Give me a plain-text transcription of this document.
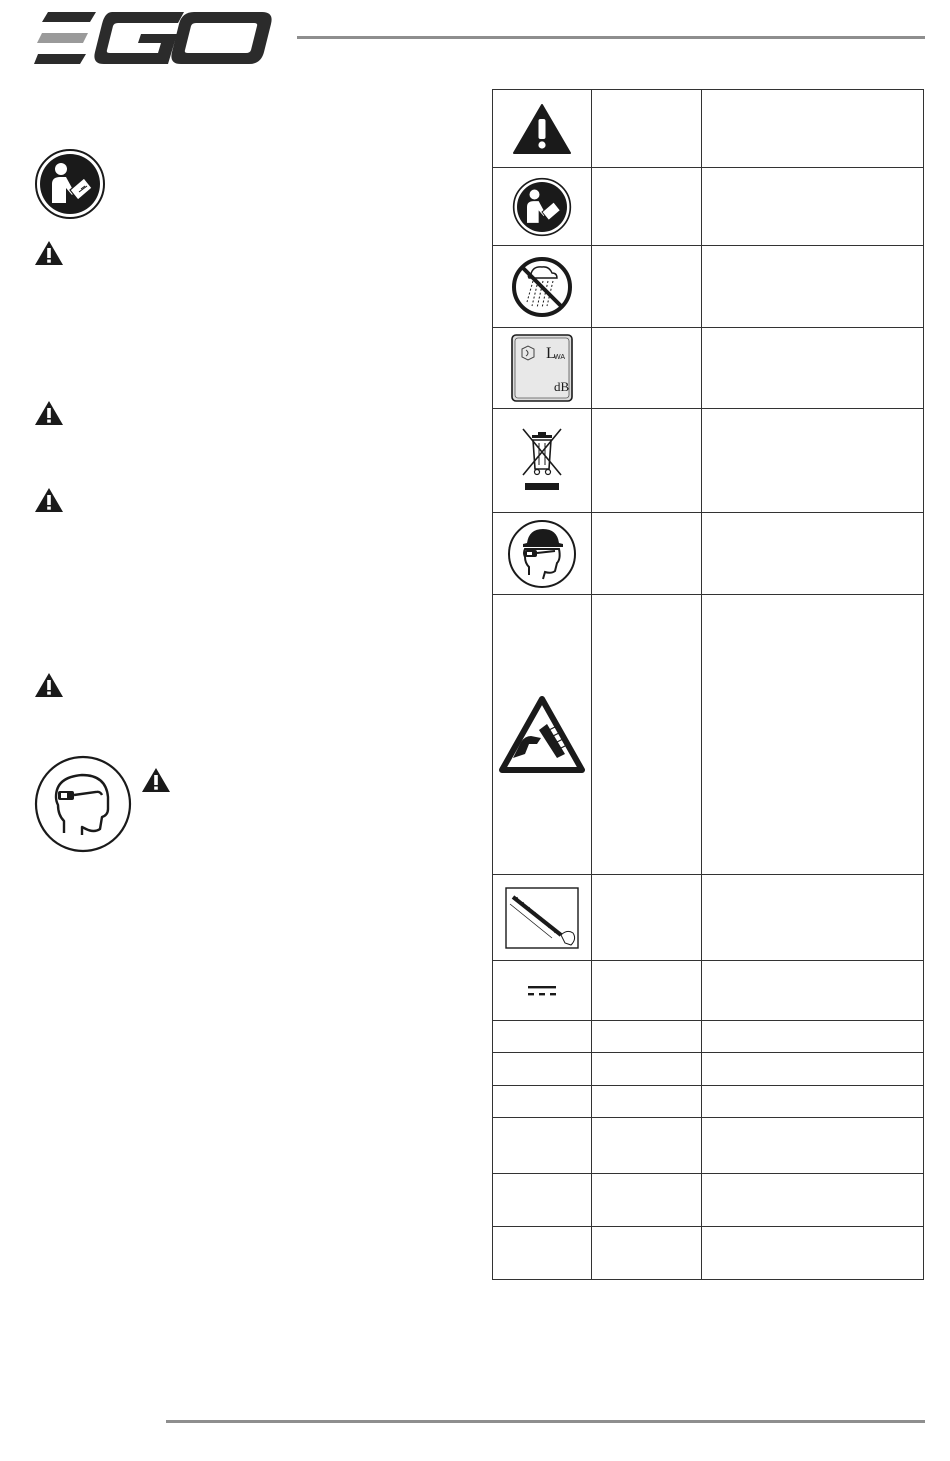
L
WA
dB		
